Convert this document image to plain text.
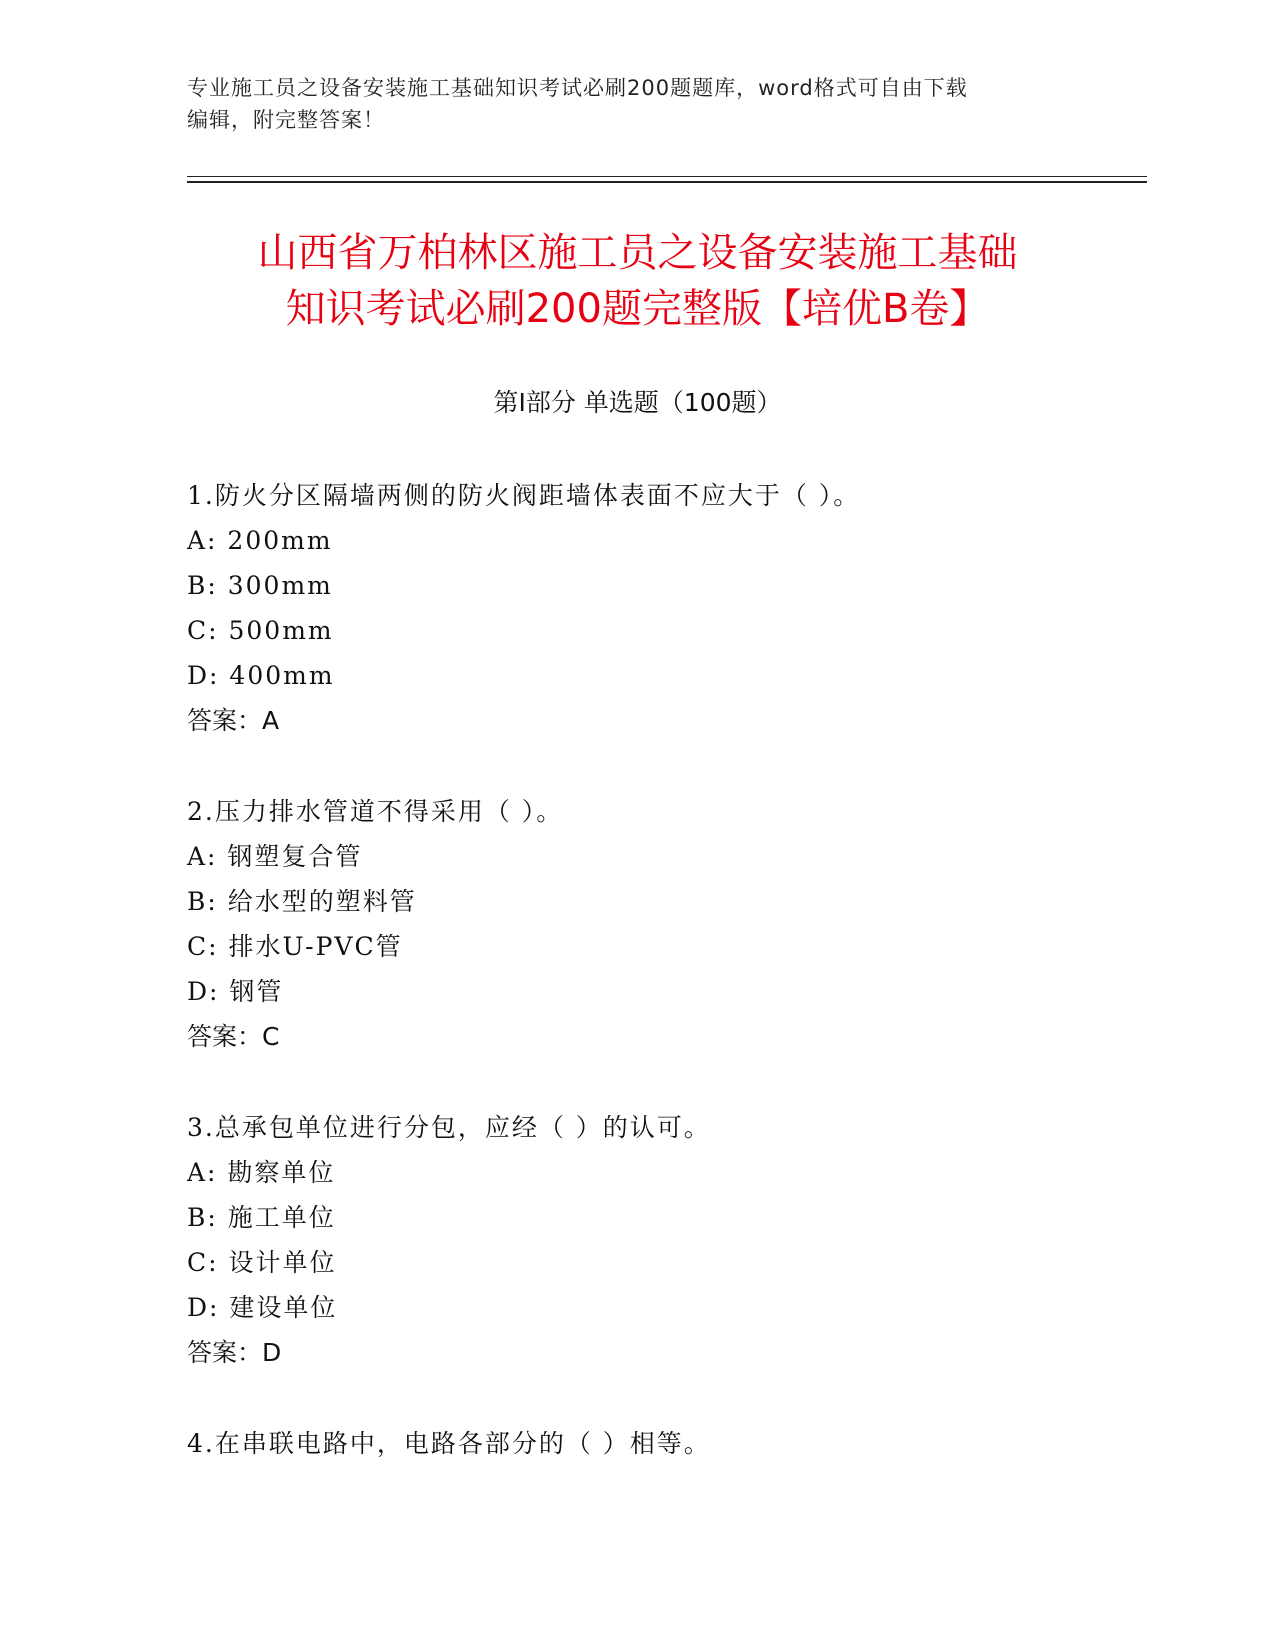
专业施工员之设备安装施工基础知识考试必刷200题题库，word格式可自由下载
编辑，附完整答案！
山西省万柏林区施工员之设备安装施工基础
知识考试必刷200题完整版【培优B卷】
第Ⅰ部分 单选题（100题）
1.防火分区隔墙两侧的防火阀距墙体表面不应大于（ ）。
A: 200mm
B: 300mm
C: 500mm
D: 400mm
答案：A
2.压力排水管道不得采用（ ）。
A: 钢塑复合管
B: 给水型的塑料管
C: 排水U-PVC管
D: 钢管
答案：C
3.总承包单位进行分包，应经（ ）的认可。
A: 勘察单位
B: 施工单位
C: 设计单位
D: 建设单位
答案：D
4.在串联电路中，电路各部分的（ ）相等。
